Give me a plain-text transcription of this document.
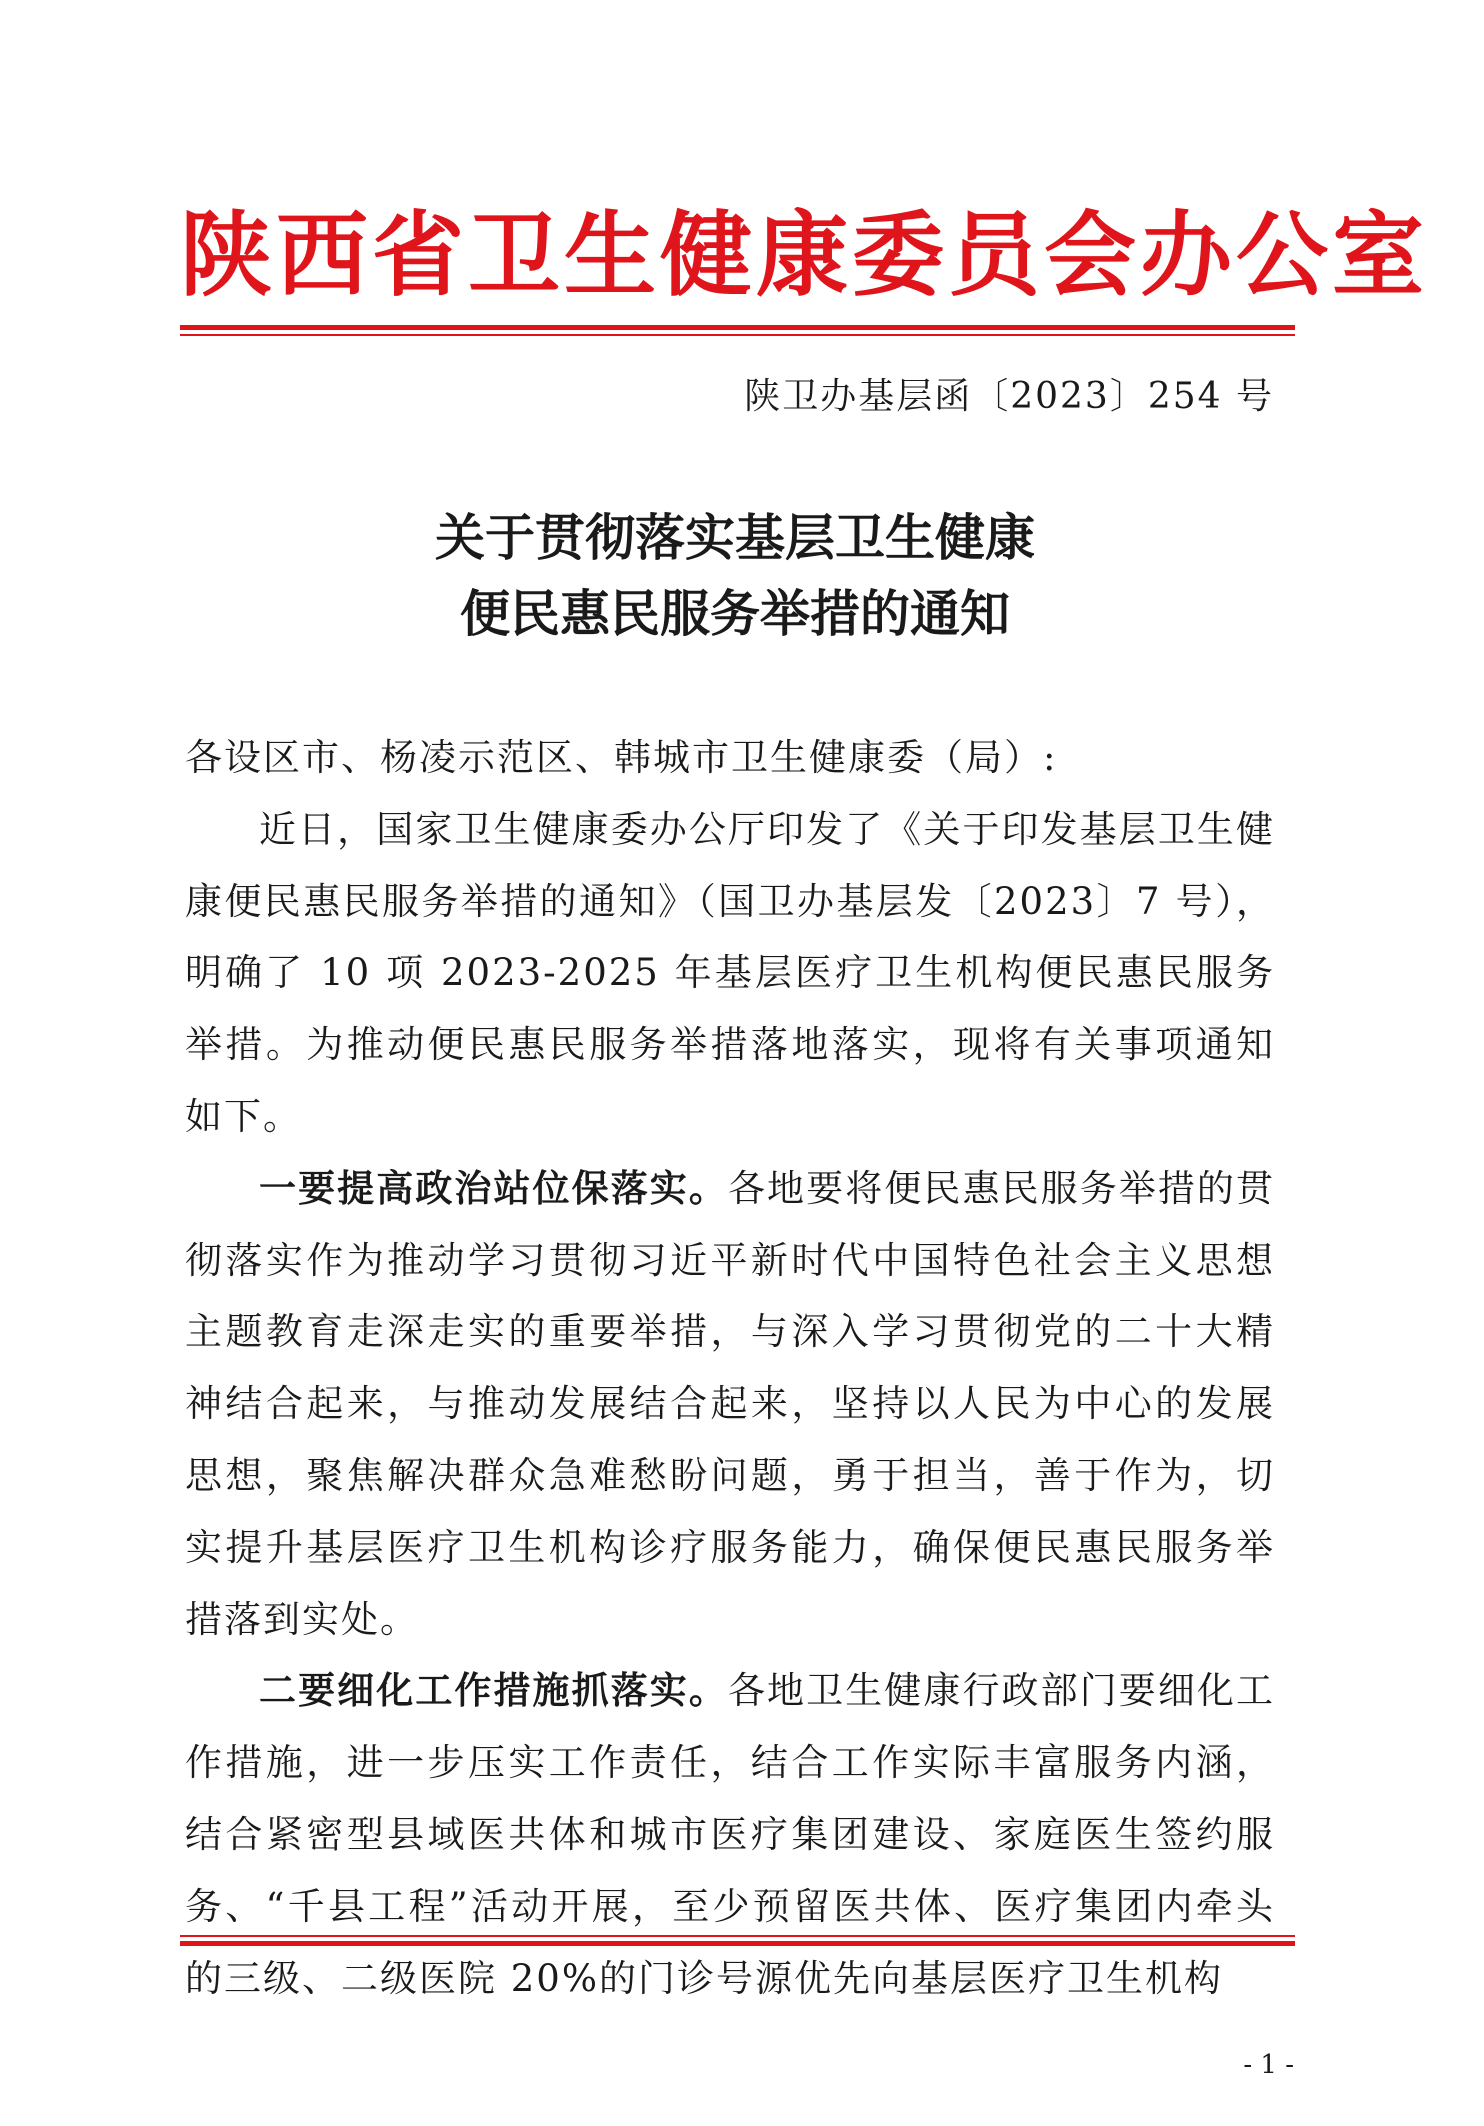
陕西省卫生健康委员会办公室
陕卫办基层函〔2023〕254 号
关于贯彻落实基层卫生健康
便民惠民服务举措的通知

各设区市、杨凌示范区、韩城市卫生健康委（局）:

近日，国家卫生健康委办公厅印发了《关于印发基层卫生健康便民惠民服务举措的通知》（国卫办基层发〔2023〕7 号），明确了 10 项 2023-2025 年基层医疗卫生机构便民惠民服务举措。为推动便民惠民服务举措落地落实，现将有关事项通知如下。

一要提高政治站位保落实。各地要将便民惠民服务举措的贯彻落实作为推动学习贯彻习近平新时代中国特色社会主义思想主题教育走深走实的重要举措，与深入学习贯彻党的二十大精神结合起来，与推动发展结合起来，坚持以人民为中心的发展思想，聚焦解决群众急难愁盼问题，勇于担当，善于作为，切实提升基层医疗卫生机构诊疗服务能力，确保便民惠民服务举措落到实处。

二要细化工作措施抓落实。各地卫生健康行政部门要细化工作措施，进一步压实工作责任，结合工作实际丰富服务内涵，结合紧密型县域医共体和城市医疗集团建设、家庭医生签约服务、“千县工程”活动开展，至少预留医共体、医疗集团内牵头的三级、二级医院 20%的门诊号源优先向基层医疗卫生机构

- 1 -
